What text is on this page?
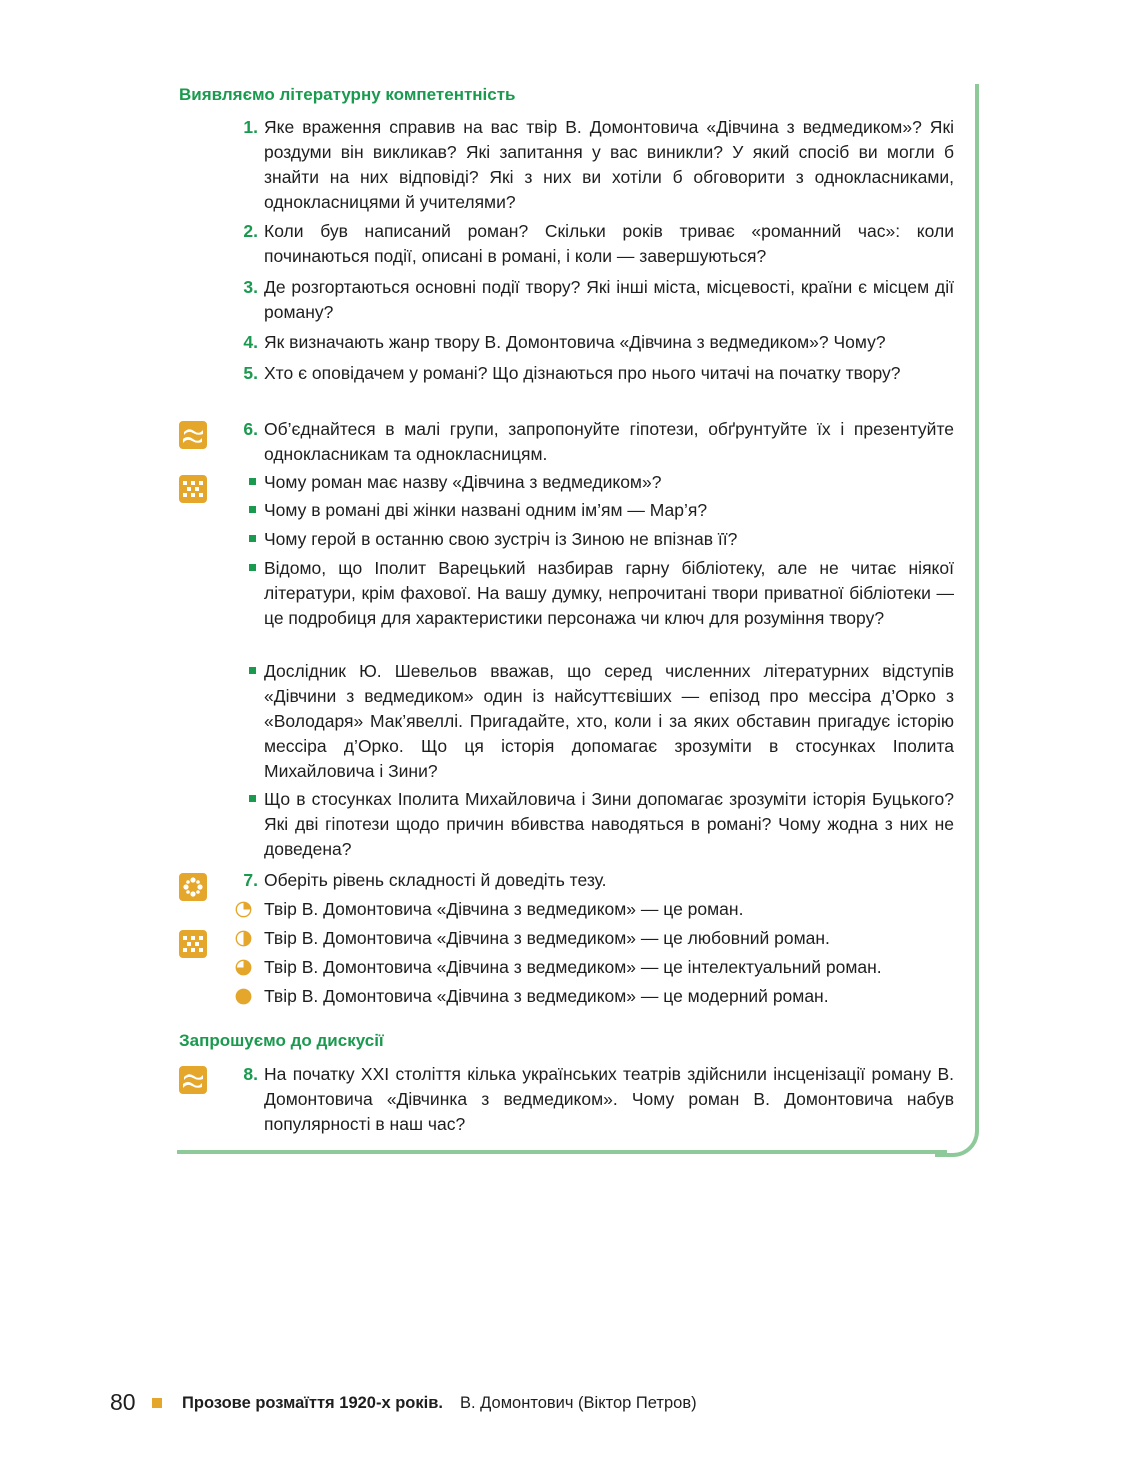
Виявляємо літературну компетентність
1. Яке враження справив на вас твір В. Домонтовича «Дівчина з ведмедиком»? Які роздуми він викликав? Які запитання у вас виникли? У який спосіб ви могли б знайти на них відповіді? Які з них ви хотіли б обговорити з однокласниками, однокласницями й учителями?
2. Коли був написаний роман? Скільки років триває «романний час»: коли починаються події, описані в романі, і коли — завершуються?
3. Де розгортаються основні події твору? Які інші міста, місцевості, країни є місцем дії роману?
4. Як визначають жанр твору В. Домонтовича «Дівчина з ведмедиком»? Чому?
5. Хто є оповідачем у романі? Що дізнаються про нього читачі на початку твору?
6. Об’єднайтеся в малі групи, запропонуйте гіпотези, обґрунтуйте їх і презентуйте однокласникам та однокласницям.
Чому роман має назву «Дівчина з ведмедиком»?
Чому в романі дві жінки названі одним ім’ям — Мар’я?
Чому герой в останню свою зустріч із Зиною не впізнав її?
Відомо, що Іполит Варецький назбирав гарну бібліотеку, але не читає ніякої літератури, крім фахової. На вашу думку, непрочитані твори приватної бібліотеки — це подробиця для характеристики персонажа чи ключ для розуміння твору?
Дослідник Ю. Шевельов вважав, що серед численних літературних відступів «Дівчини з ведмедиком» один із найсуттєвіших — епізод про мессіра д’Орко з «Володаря» Мак’явеллі. Пригадайте, хто, коли і за яких обставин пригадує історію мессіра д’Орко. Що ця історія допомагає зрозуміти в стосунках Іполита Михайловича і Зини?
Що в стосунках Іполита Михайловича і Зини допомагає зрозуміти історія Буцького? Які дві гіпотези щодо причин вбивства наводяться в романі? Чому жодна з них не доведена?
7. Оберіть рівень складності й доведіть тезу.
Твір В. Домонтовича «Дівчина з ведмедиком» — це роман.
Твір В. Домонтовича «Дівчина з ведмедиком» — це любовний роман.
Твір В. Домонтовича «Дівчина з ведмедиком» — це інтелектуальний роман.
Твір В. Домонтовича «Дівчина з ведмедиком» — це модерний роман.
Запрошуємо до дискусії
8. На початку XXI століття кілька українських театрів здійснили інсценізації роману В. Домонтовича «Дівчинка з ведмедиком». Чому роман В. Домонтовича набув популярності в наш час?
80	Прозове розмаїття 1920-х років. В. Домонтович (Віктор Петров)
